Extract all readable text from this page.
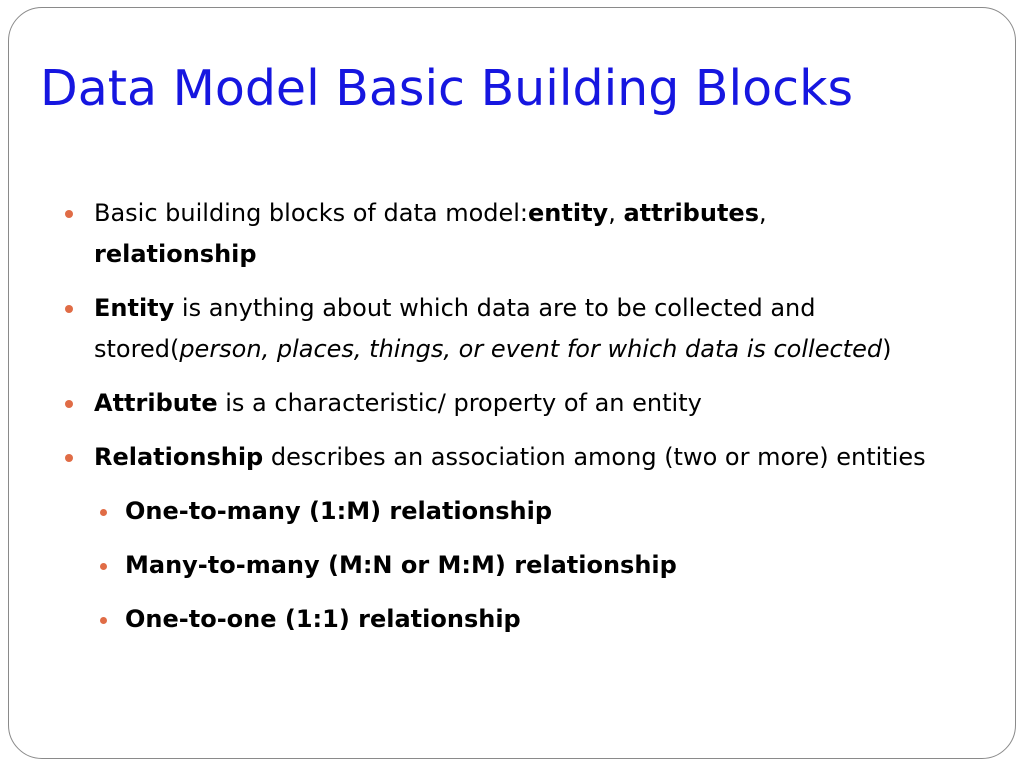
Data Model Basic Building Blocks
Basic building blocks of data model:entity, attributes,
relationship
Entity is anything about which data are to be collected and stored(person, places, things, or event for which data is collected)
Attribute is a characteristic/ property of an entity
Relationship describes an association among (two or more) entities
One-to-many (1:M) relationship
Many-to-many (M:N or M:M) relationship
One-to-one (1:1) relationship
